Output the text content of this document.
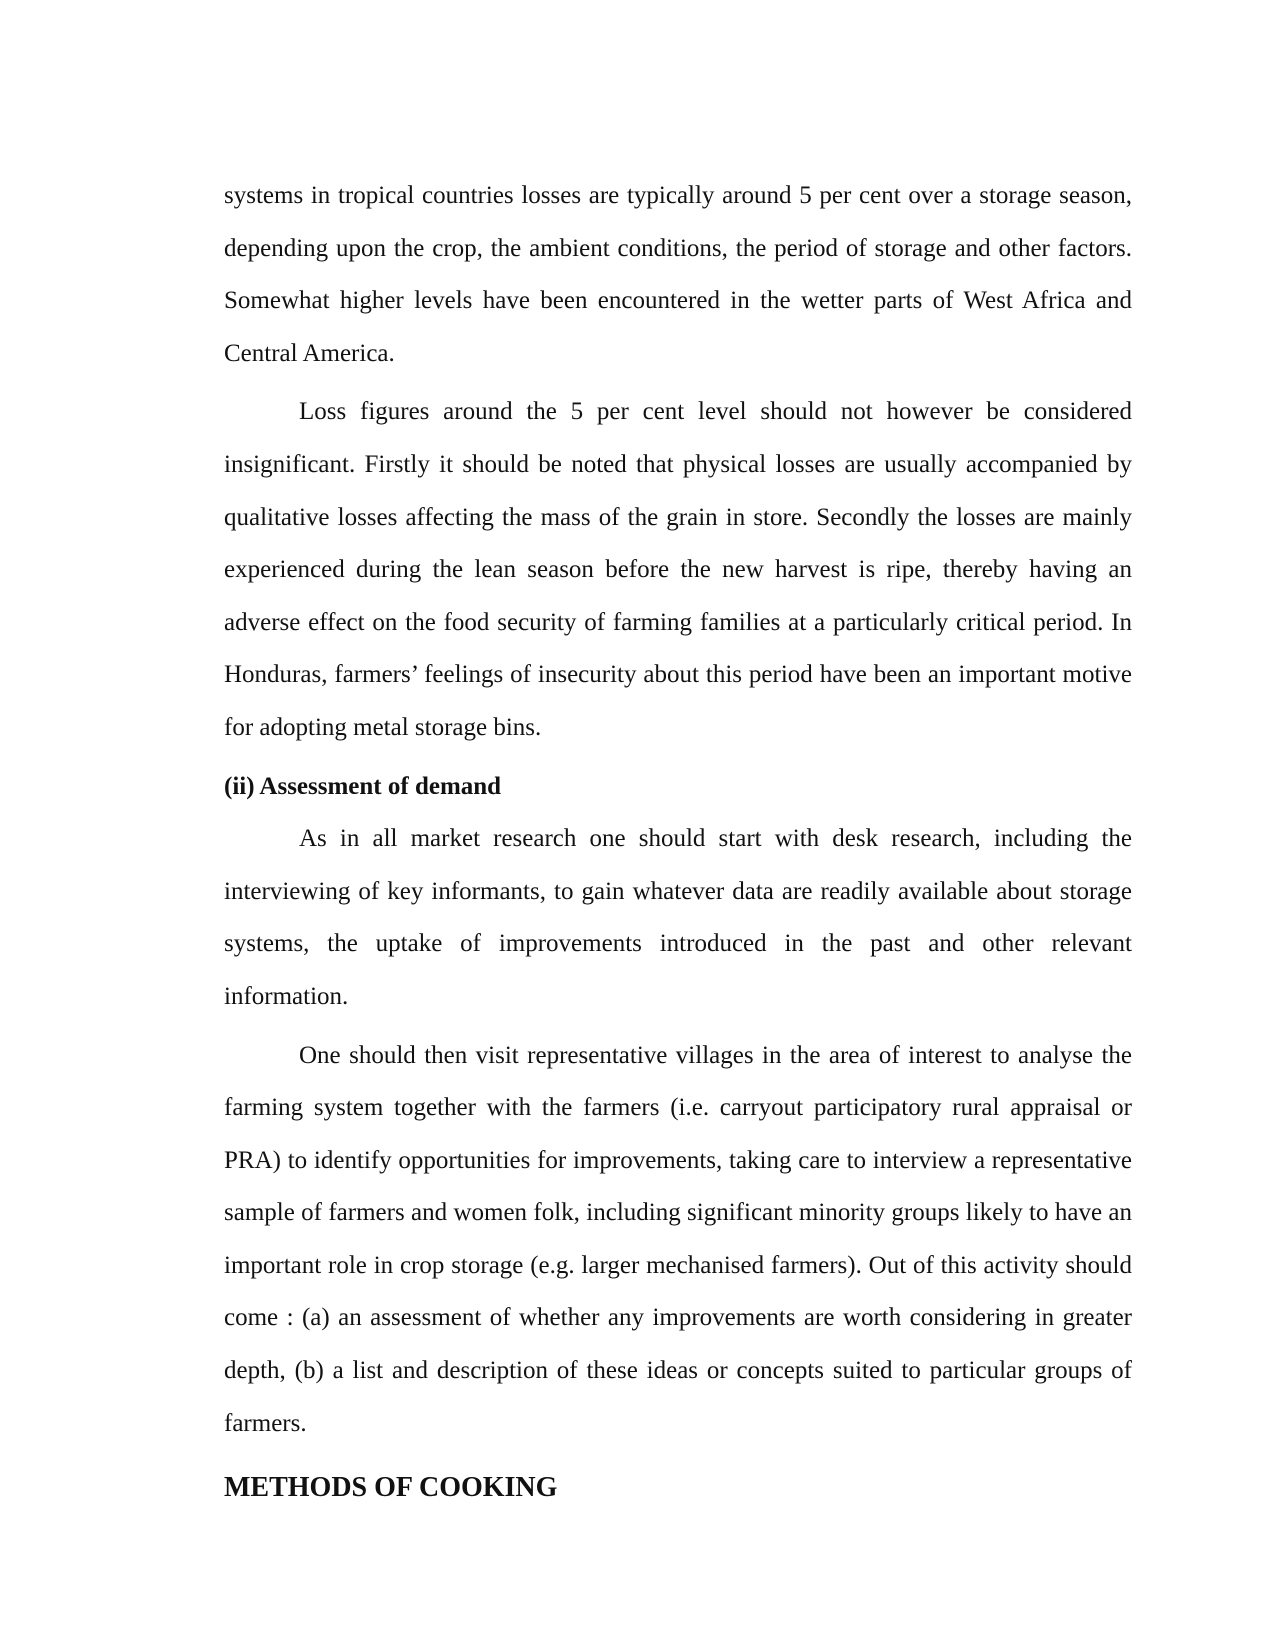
systems in tropical countries losses are typically around 5 per cent over a storage season, depending upon the crop, the ambient conditions, the period of storage and other factors. Somewhat higher levels have been encountered in the wetter parts of West Africa and Central America.

Loss figures around the 5 per cent level should not however be considered insignificant. Firstly it should be noted that physical losses are usually accompanied by qualitative losses affecting the mass of the grain in store. Secondly the losses are mainly experienced during the lean season before the new harvest is ripe, thereby having an adverse effect on the food security of farming families at a particularly critical period. In Honduras, farmers’ feelings of insecurity about this period have been an important motive for adopting metal storage bins.

(ii) Assessment of demand

As in all market research one should start with desk research, including the interviewing of key informants, to gain whatever data are readily available about storage systems, the uptake of improvements introduced in the past and other relevant information.

One should then visit representative villages in the area of interest to analyse the farming system together with the farmers (i.e. carryout participatory rural appraisal or PRA) to identify opportunities for improvements, taking care to interview a representative sample of farmers and women folk, including significant minority groups likely to have an important role in crop storage (e.g. larger mechanised farmers). Out of this activity should come : (a) an assessment of whether any improvements are worth considering in greater depth, (b) a list and description of these ideas or concepts suited to particular groups of farmers.

METHODS OF COOKING
